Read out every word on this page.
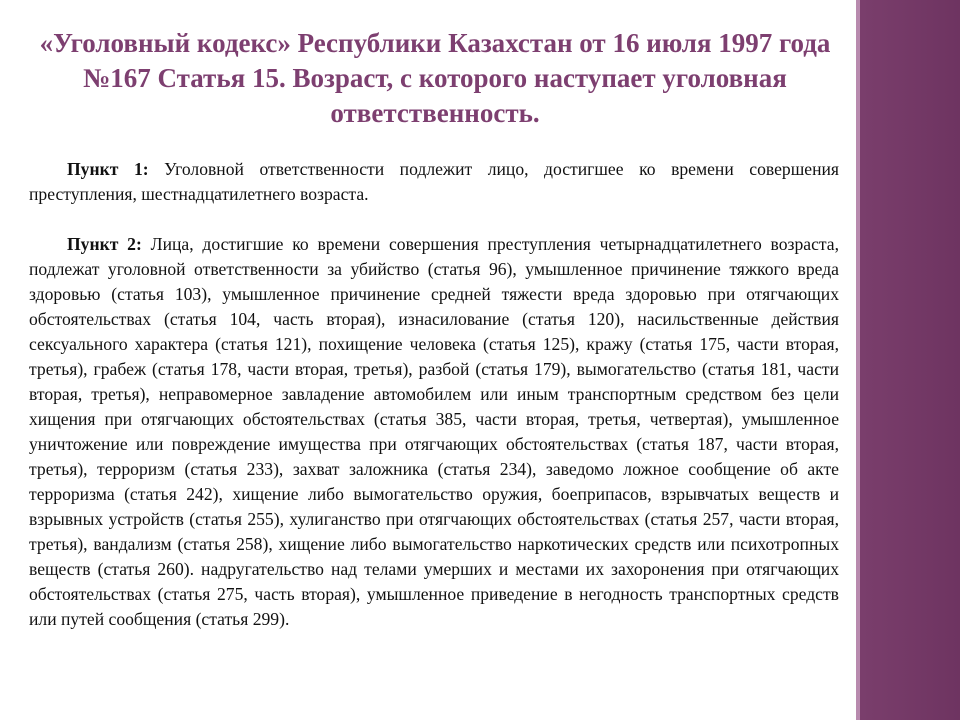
«Уголовный кодекс» Республики Казахстан от 16 июля 1997 года №167 Статья 15. Возраст, с которого наступает уголовная ответственность.

Пункт 1: Уголовной ответственности подлежит лицо, достигшее ко времени совершения преступления, шестнадцатилетнего возраста.

Пункт 2: Лица, достигшие ко времени совершения преступления четырнадцатилетнего возраста, подлежат уголовной ответственности за убийство (статья 96), умышленное причинение тяжкого вреда здоровью (статья 103), умышленное причинение средней тяжести вреда здоровью при отягчающих обстоятельствах (статья 104, часть вторая), изнасилование (статья 120), насильственные действия сексуального характера (статья 121), похищение человека (статья 125), кражу (статья 175, части вторая, третья), грабеж (статья 178, части вторая, третья), разбой (статья 179), вымогательство (статья 181, части вторая, третья), неправомерное завладение автомобилем или иным транспортным средством без цели хищения при отягчающих обстоятельствах (статья 385, части вторая, третья, четвертая), умышленное уничтожение или повреждение имущества при отягчающих обстоятельствах (статья 187, части вторая, третья), терроризм (статья 233), захват заложника (статья 234), заведомо ложное сообщение об акте терроризма (статья 242), хищение либо вымогательство оружия, боеприпасов, взрывчатых веществ и взрывных устройств (статья 255), хулиганство при отягчающих обстоятельствах (статья 257, части вторая, третья), вандализм (статья 258), хищение либо вымогательство наркотических средств или психотропных веществ (статья 260). надругательство над телами умерших и местами их захоронения при отягчающих обстоятельствах (статья 275, часть вторая), умышленное приведение в негодность транспортных средств или путей сообщения (статья 299).
